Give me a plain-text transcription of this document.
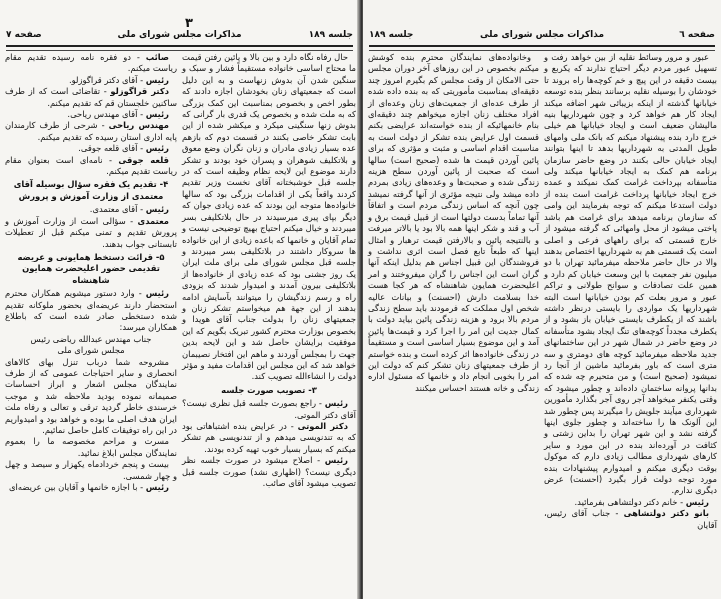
۳
جلسه ۱۸۹
مذاکرات مجلس شورای ملی
صفحه ۷
حال رفاه نگاه دارد و بین بالا و پائین رفتن قیمت ما محتاج اساسی خانواده مستقیماً فشار و سبک و سنگین شدن آن بدوش زنهاست و به این دلیل است که جمعیتهای زنان بخودشان اجازه دادند که بطور اخص و بخصوص بمناسبت این کمک بزرگی که به ملت شده و بخصوص یک قدری بار گرانی که بدوش زنها سنگینی میکرد و میکشر شده از این بابت تشکر خاصی بکنند در قسمت دوم که بازهم عده بسیار زیادی مادران و زنان نگران وضع معوق و بلاتکلیف شوهران و پسران خود بودند و تشکر دارند موضوع این لایحه نظام وظیفه است که در جلسه قبل خوشبختانه آقای نخست وزیر تقدیم کردند واقعاً یکی از اقدامات بزرگی بود که سالها خانواده‌ها متوجه این بودند که عده زیادی جوان که دیگر بپای پیری میرسیدند در حال بلاتکلیفی بسر میبردند و خیال میکنم احتیاج بهیچ توضیحی نیست و تمام آقایان و خانمها که باعده زیادی از این خانواده ها سروکار داشتند در بلاتکلیفی بسر میبردند و جلسه قبل مجلس شورای ملی برای ملت ایران یک روز جشنی بود که عده زیادی از خانواده‌ها از بلاتکلیفی بیرون آمدند و امیدوار شدند که بزودی راه و رسم زندگیشان را میتوانند بآسایش ادامه بدهند از این جهة هم میخواستم تشکر زنان و جمعیتهای زنان را بدولت جناب آقای هویدا و بخصوص بوزارت محترم کشور تبریک بگویم که این موفقیت برایشان حاصل شد و این لایحه بدین جهت را بمجلس آوردند و ماهم این افتخار نصیبمان خواهد شد که این مجلس این اقدامات مفید و مؤثر دولت را انشاءالله تصویب کند.
۳- تصویب صورت جلسه
رئیس - راجع بصورت جلسه قبل نظری نیست؟ آقای دکتر الموتی.
دکتر الموتی - در عرایض بنده اشتباهاتی بود که به تندنویسی میدهم و از تندنویسی هم تشکر میکنم که بسیار بسیار خوب تهیه کرده بودند.
رئیس - اصلاح میشود در صورت جلسه نظر دیگری نیست؟ (اظهاری نشد) صورت جلسه قبل تصویب میشود آقای صائب.
صائب - دو فقره نامه رسیده تقدیم مقام ریاست میکنم.
رئیس - آقای دکتر قراگوزلو.
دکتر قراگوزلو - تقاضائی است که از طرف ساکنین خلجستان قم که تقدیم میکنم.
رئیس - آقای مهندس ریاحی.
مهندس ریاحی - شرحی از طرف کارمندان پایه اداری استان رسیده که تقدیم میکنم.
رئیس - آقای قلعه جوقی.
قلعه جوقی - نامه‌ای است بعنوان مقام ریاست تقدیم میکنم.
۴- تقدیم یک فقره سؤال بوسیله آقای معتمدی از وزارت آموزش و پرورش
رئیس - آقای معتمدی.
معتمدی - سؤالی است از وزارت آموزش و پرورش تقدیم و تمنی میکنم قبل از تعطیلات تابستانی جواب بدهند.
۵- قرائت دستخط همایونی و عریضه تقدیمی حضور اعلیحضرت همایون شاهنشاه
رئیس - وارد دستور میشویم همکاران محترم استحضار دارند عریضه‌ای بحضور ملوکانه تقدیم شده دستخطی صادر شده است که باطلاع همکاران میرسد:
جناب مهندس عبدالله ریاضی رئیس
مجلس شورای ملی
مشروحه شما درباب تنزل بهای کالاهای انحصاری و سایر احتیاجات عمومی که از طرف نمایندگان مجلس اشعار و ابراز احساسات صمیمانه نموده بودید ملاحظه شد و موجب خرسندی خاطر گردید ترقی و تعالی و رفاه ملت ایران هدف اصلی ما بوده و خواهد بود و امیدواریم در این راه توفیقات کامل حاصل نمائیم.
مسرت و مراحم مخصوصه ما را بعموم نمایندگان مجلس ابلاغ نمائید.
بیست و پنجم خردادماه یکهزار و سیصد و چهل و چهار شمسی.
رئیس - با اجازه خانمها و آقایان بین عریضه‌ای
جلسه ۱۸۹	مذاکرات مجلس شورای ملی	صفحه ٦
عبور و مرور وسائط نقلیه از بین خواهد رفت و تسهیل عبور مردم دیگر احتیاج ندارند که یکربع و بیست دقیقه در این پیچ و خم کوچه‌ها راه بروند تا خودشان را بوسیله نقلیه برسانند بنظر بنده توسعه خیابانها گذشته از اینکه بزیبائی شهر اضافه میکند ایجاد کار هم خواهد کرد و چون شهرداریها بنیه مالیشان ضعیف است و ایجاد خیابانها هم خیلی خرج دارد بنده پیشنهاد میکنم که بانک ملی وامهای طویل المدتی به شهرداریها بدهد تا اینها بتوانند ایجاد خیابان حالی بکنند در وضع حاضر سازمان برنامه هم کمک به ایجاد خیابانها میکند ولی متأسفانه بپرداخت غرامت کمک نمیکند و عمده خرج ایجاد خیابانها پرداخت غرامت است بنده از دولت استدعا میکنم که توجه بفرمایند این وامی که سازمان برنامه میدهد برای غرامت هم باشد پاختی میشود از محل وامهائی که گرفته میشود از خارج قسمتی که برای راههای فرعی و اصلی است یک قسمتی هم به شهرداریها اختصاص بدهند والا در حال حاضر ملاحظه میفرمائید تهران با دو میلیون نفر جمعیت با این وسعت خیابان کم دارد و همین علت تصادفات و سوانح طولانی و تراکم عبور و مرور بعلت کم بودن خیابانها است البته شهرداریها یک مواردی را بایستی درنظر داشته باشند که از یکطرف بایستی خیابان باز بشود و از یکطرف مجدداً کوچه‌های تنگ ایجاد بشود متأسفانه در وضع حاضر در شمال شهر در این ساختمانهای جدید ملاحظه میفرمائید کوچه های دومتری و سه متری است که باور بفرمائید ماشین از آنجا رد نمیشود (صحیح است) و من متحیرم چه شده که بدانها پروانه ساختمان داده‌اند و چطور میشود که وقتی یکنفر میخواهد آجر روی آجر بگذارد مأمورین شهرداری میآیند جلویش را میگیرند پس چطور شد این آلونک ها را ساخته‌اند و چطور جلوی اینها گرفته نشد و این شهر تهران را بداین زشتی و کثافت در آورده‌اند بنده در این مورد و سایر کارهای شهرداری مطالب زیادی دارم که موکول بوقت دیگری میکنم و امیدوارم پیشنهادات بنده مورد توجه دولت قرار بگیرد (احسنت) عرض دیگری ندارم.
رئیس - خانم دکتر دولتشاهی بفرمائید.
بانو دکتر دولتشاهی - جناب آقای رئیس، آقایان
وخانواده‌های نمایندگان محترم بنده کوشش میکنم بخصوص در این روزهای آخر دوران مجلس حتی الامکان از وقت مجلس کم بگیرم امروز چند دقیقه‌ای بمناسبت مأموریتی که به بنده داده شده از طرف عده‌ای از جمعیت‌های زنان وعده‌ای از افراد مختلف زنان اجازه میخواهم چند دقیقه‌ای بنام خانمهائیکه از بنده خواسته‌اند عرایضی بکنم قسمت اول عرایض بنده تشکر از دولت است به مناسبت اقدام اساسی و مثبت و مؤثری که برای پائین آوردن قیمت ها شده (صحیح است) سالها است که صحبت از پائین آوردن سطح هزینه زندگی شده و صحبت‌ها و وعده‌های زیادی بمردم داده میشد ولی نتیجه مؤثری از آنها گرفته نمیشد چون آنچه که اساس زندگی مردم است و اتفاقاً آنها تماماً بدست دولتها است از قبیل قیمت برق و آب و قند و شکر اینها همه بالا بود یا بالاتر میرفت و بالنتیجه پائین و بالارفتن قیمت ترهبار و امثال اینها که طبعاً تابع فصل است اثری نداشت و فروشندگان این قبیل اجناس هم بدلیل اینکه آنها گران است این اجناس را گران میفروختند و امر اعلیحضرت همایون شاهنشاه که هر کجا هست خدا بسلامت دارش (احسنت) و بیانات عالیه شخص اول مملکت که فرمودند باید سطح زندگی مردم بالا برود و هزینه زندگی پائین بیاید دولت با کمال جدیت این امر را اجرا کرد و قیمت‌ها پائین آمد و این موضوع بسیار اساسی است و مستقیماً در زندگی خانواده‌ها اثر کرده است و بنده خواستم از طرف جمعیتهای زنان تشکر کنم که دولت این امر را بخوبی انجام داد و خانمها که مسئول اداره زندگی و خانه هستند احساس میکنند
